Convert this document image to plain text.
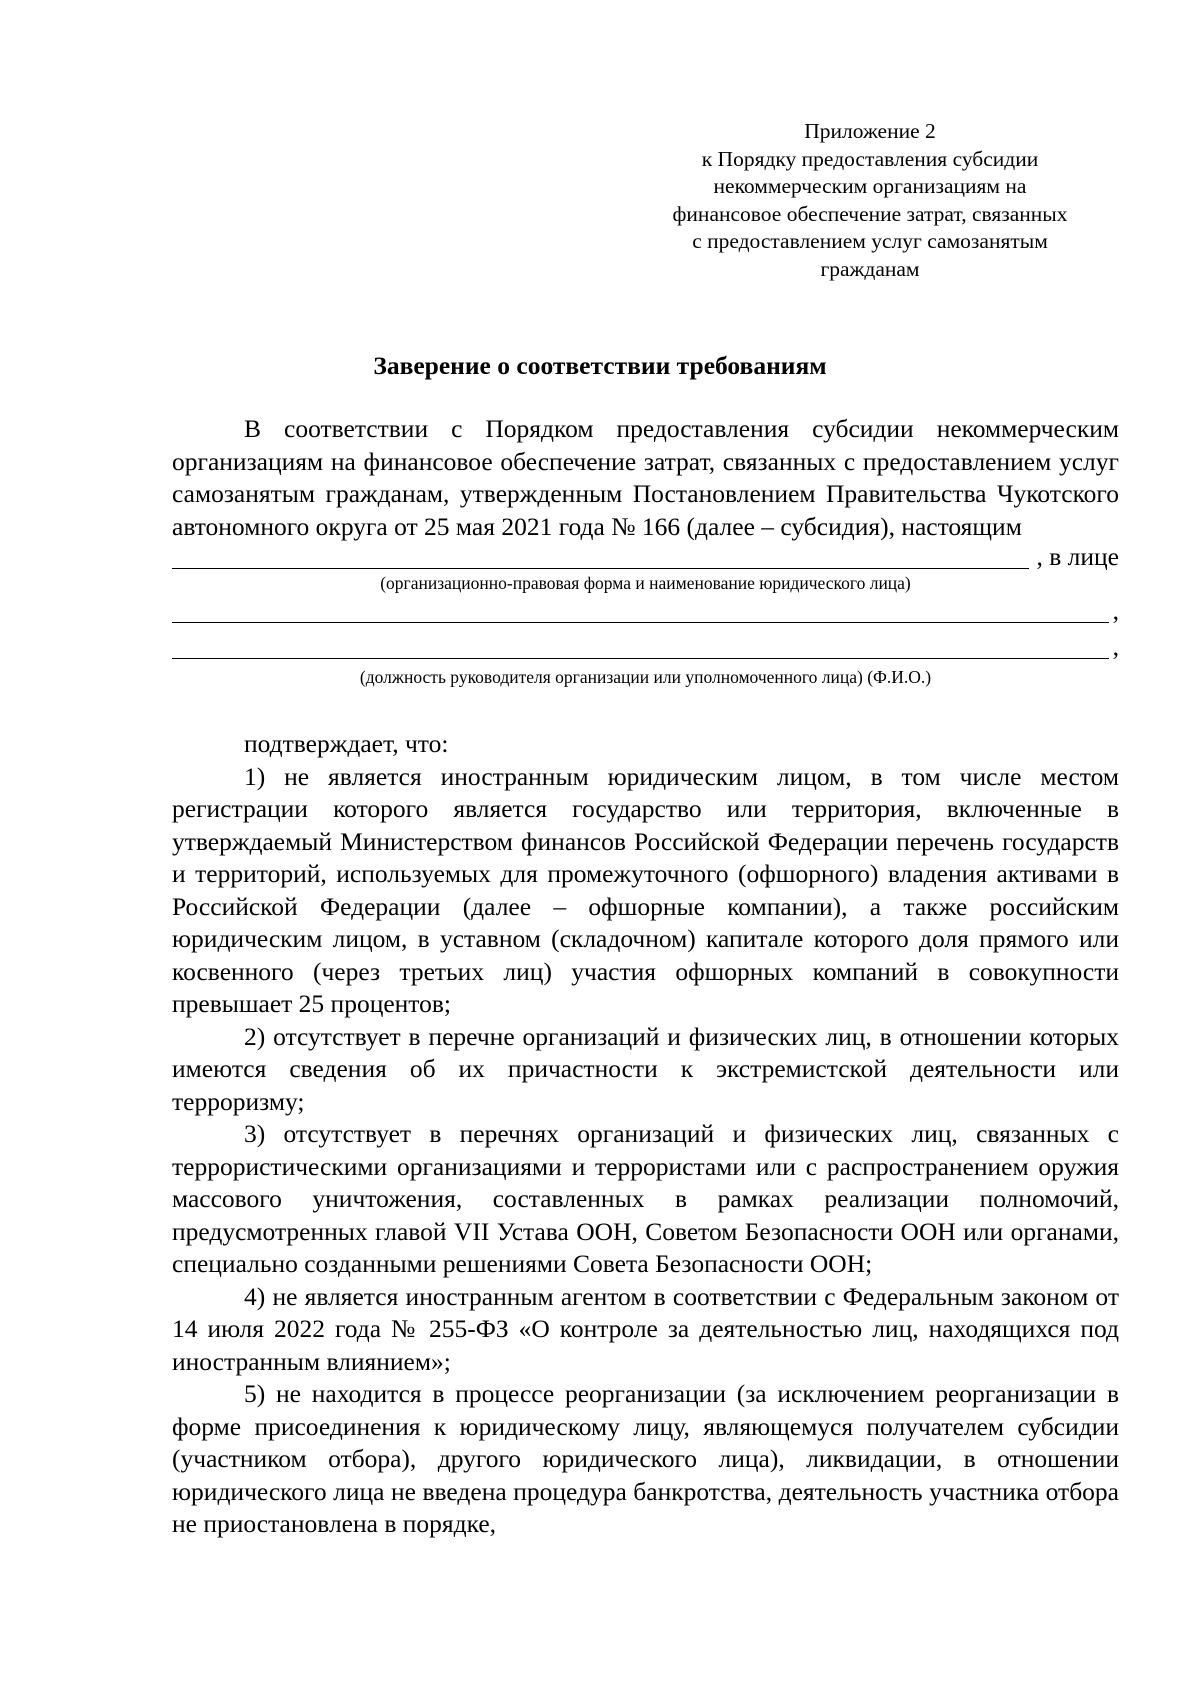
Приложение 2
к Порядку предоставления субсидии
некоммерческим организациям на
финансовое обеспечение затрат, связанных
с предоставлением услуг самозанятым
гражданам
Заверение о соответствии требованиям

В соответствии с Порядком предоставления субсидии некоммерческим организациям на финансовое обеспечение затрат, связанных с предоставлением услуг самозанятым гражданам, утвержденным Постановлением Правительства Чукотского автономного округа от 25 мая 2021 года № 166 (далее – субсидия), настоящим

, в лице
(организационно-правовая форма и наименование юридического лица)
,
,
(должность руководителя организации или уполномоченного лица) (Ф.И.О.)

подтверждает, что:

1) не является иностранным юридическим лицом, в том числе местом регистрации которого является государство или территория, включенные в утверждаемый Министерством финансов Российской Федерации перечень государств и территорий, используемых для промежуточного (офшорного) владения активами в Российской Федерации (далее – офшорные компании), а также российским юридическим лицом, в уставном (складочном) капитале которого доля прямого или косвенного (через третьих лиц) участия офшорных компаний в совокупности превышает 25 процентов;

2) отсутствует в перечне организаций и физических лиц, в отношении которых имеются сведения об их причастности к экстремистской деятельности или терроризму;

3) отсутствует в перечнях организаций и физических лиц, связанных с террористическими организациями и террористами или с распространением оружия массового уничтожения, составленных в рамках реализации полномочий, предусмотренных главой VII Устава ООН, Советом Безопасности ООН или органами, специально созданными решениями Совета Безопасности ООН;

4) не является иностранным агентом в соответствии с Федеральным законом от 14 июля 2022 года № 255-ФЗ «О контроле за деятельностью лиц, находящихся под иностранным влиянием»;

5) не находится в процессе реорганизации (за исключением реорганизации в форме присоединения к юридическому лицу, являющемуся получателем субсидии (участником отбора), другого юридического лица), ликвидации, в отношении юридического лица не введена процедура банкротства, деятельность участника отбора не приостановлена в порядке,
